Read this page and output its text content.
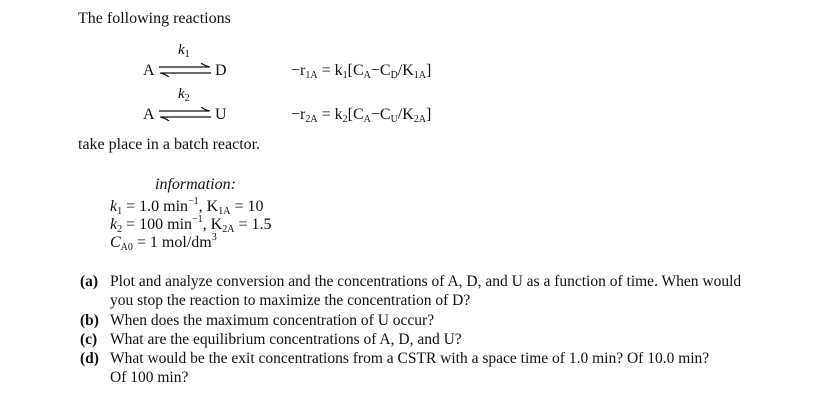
The following reactions
$k_1$
A ⇌ D	$-r_{1A} = k_1[C_A-C_D/K_{1A}]$
$k_2$
A ⇌ U	$-r_{2A} = k_2[C_A-C_U/K_{2A}]$
take place in a batch reactor.
information:
$k_1 = 1.0$ $\min^{-1}$, $K_{1A} = 10$
$k_2 = 100$ $\min^{-1}$, $K_{2A} = 1.5$
$C_{A0} = 1$ mol/$dm^3$
(a) Plot and analyze conversion and the concentrations of A, D, and U as a function of time. When would
you stop the reaction to maximize the concentration of D?
(b) When does the maximum concentration of U occur?
(c) What are the equilibrium concentrations of A, D, and U?
(d) What would be the exit concentrations from a CSTR with a space time of 1.0 min? Of 10.0 min?
Of 100 min?
